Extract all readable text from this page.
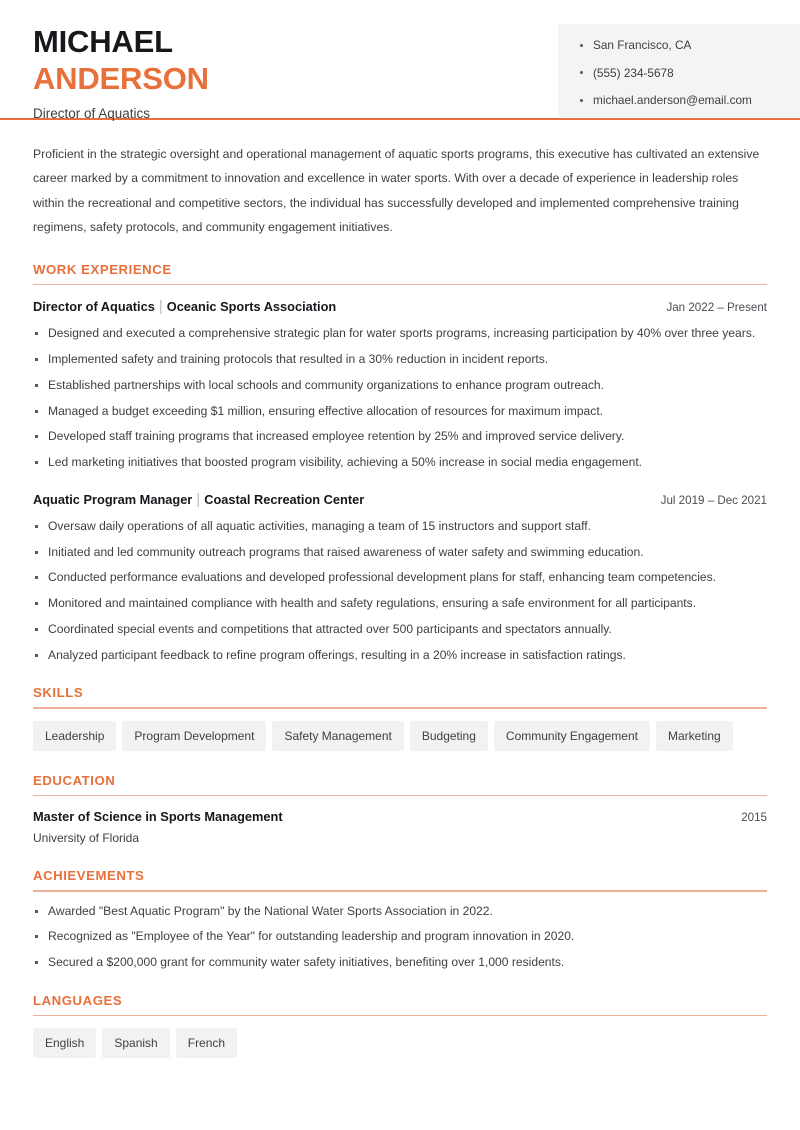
MICHAEL
ANDERSON
Director of Aquatics
San Francisco, CA
(555) 234-5678
michael.anderson@email.com

Proficient in the strategic oversight and operational management of aquatic sports programs, this executive has cultivated an extensive career marked by a commitment to innovation and excellence in water sports. With over a decade of experience in leadership roles within the recreational and competitive sectors, the individual has successfully developed and implemented comprehensive training regimens, safety protocols, and community engagement initiatives.

WORK EXPERIENCE
Director of Aquatics | Oceanic Sports Association	Jan 2022 – Present
Designed and executed a comprehensive strategic plan for water sports programs, increasing participation by 40% over three years.
Implemented safety and training protocols that resulted in a 30% reduction in incident reports.
Established partnerships with local schools and community organizations to enhance program outreach.
Managed a budget exceeding $1 million, ensuring effective allocation of resources for maximum impact.
Developed staff training programs that increased employee retention by 25% and improved service delivery.
Led marketing initiatives that boosted program visibility, achieving a 50% increase in social media engagement.
Aquatic Program Manager | Coastal Recreation Center	Jul 2019 – Dec 2021
Oversaw daily operations of all aquatic activities, managing a team of 15 instructors and support staff.
Initiated and led community outreach programs that raised awareness of water safety and swimming education.
Conducted performance evaluations and developed professional development plans for staff, enhancing team competencies.
Monitored and maintained compliance with health and safety regulations, ensuring a safe environment for all participants.
Coordinated special events and competitions that attracted over 500 participants and spectators annually.
Analyzed participant feedback to refine program offerings, resulting in a 20% increase in satisfaction ratings.
SKILLS
Leadership	Program Development	Safety Management	Budgeting	Community Engagement	Marketing
EDUCATION
Master of Science in Sports Management	2015
University of Florida
ACHIEVEMENTS
Awarded "Best Aquatic Program" by the National Water Sports Association in 2022.
Recognized as "Employee of the Year" for outstanding leadership and program innovation in 2020.
Secured a $200,000 grant for community water safety initiatives, benefiting over 1,000 residents.
LANGUAGES
English	Spanish	French
